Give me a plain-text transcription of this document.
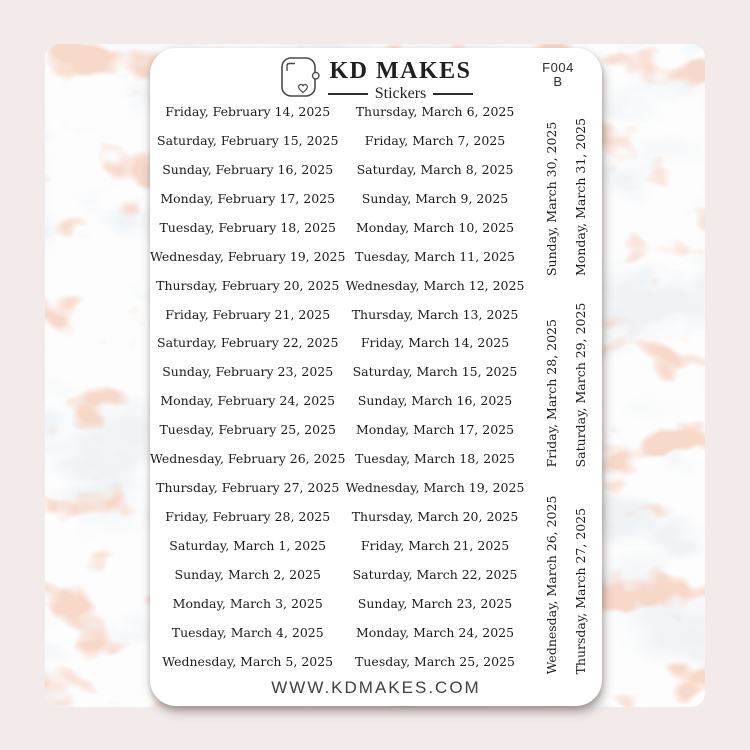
KD MAKES
Stickers
F004
B
Friday, February 14, 2025
Saturday, February 15, 2025
Sunday, February 16, 2025
Monday, February 17, 2025
Tuesday, February 18, 2025
Wednesday, February 19, 2025
Thursday, February 20, 2025
Friday, February 21, 2025
Saturday, February 22, 2025
Sunday, February 23, 2025
Monday, February 24, 2025
Tuesday, February 25, 2025
Wednesday, February 26, 2025
Thursday, February 27, 2025
Friday, February 28, 2025
Saturday, March 1, 2025
Sunday, March 2, 2025
Monday, March 3, 2025
Tuesday, March 4, 2025
Wednesday, March 5, 2025
Thursday, March 6, 2025
Friday, March 7, 2025
Saturday, March 8, 2025
Sunday, March 9, 2025
Monday, March 10, 2025
Tuesday, March 11, 2025
Wednesday, March 12, 2025
Thursday, March 13, 2025
Friday, March 14, 2025
Saturday, March 15, 2025
Sunday, March 16, 2025
Monday, March 17, 2025
Tuesday, March 18, 2025
Wednesday, March 19, 2025
Thursday, March 20, 2025
Friday, March 21, 2025
Saturday, March 22, 2025
Sunday, March 23, 2025
Monday, March 24, 2025
Tuesday, March 25, 2025
Sunday, March 30, 2025 Monday, March 31, 2025
Friday, March 28, 2025 Saturday, March 29, 2025
Wednesday, March 26, 2025 Thursday, March 27, 2025
WWW.KDMAKES.COM
